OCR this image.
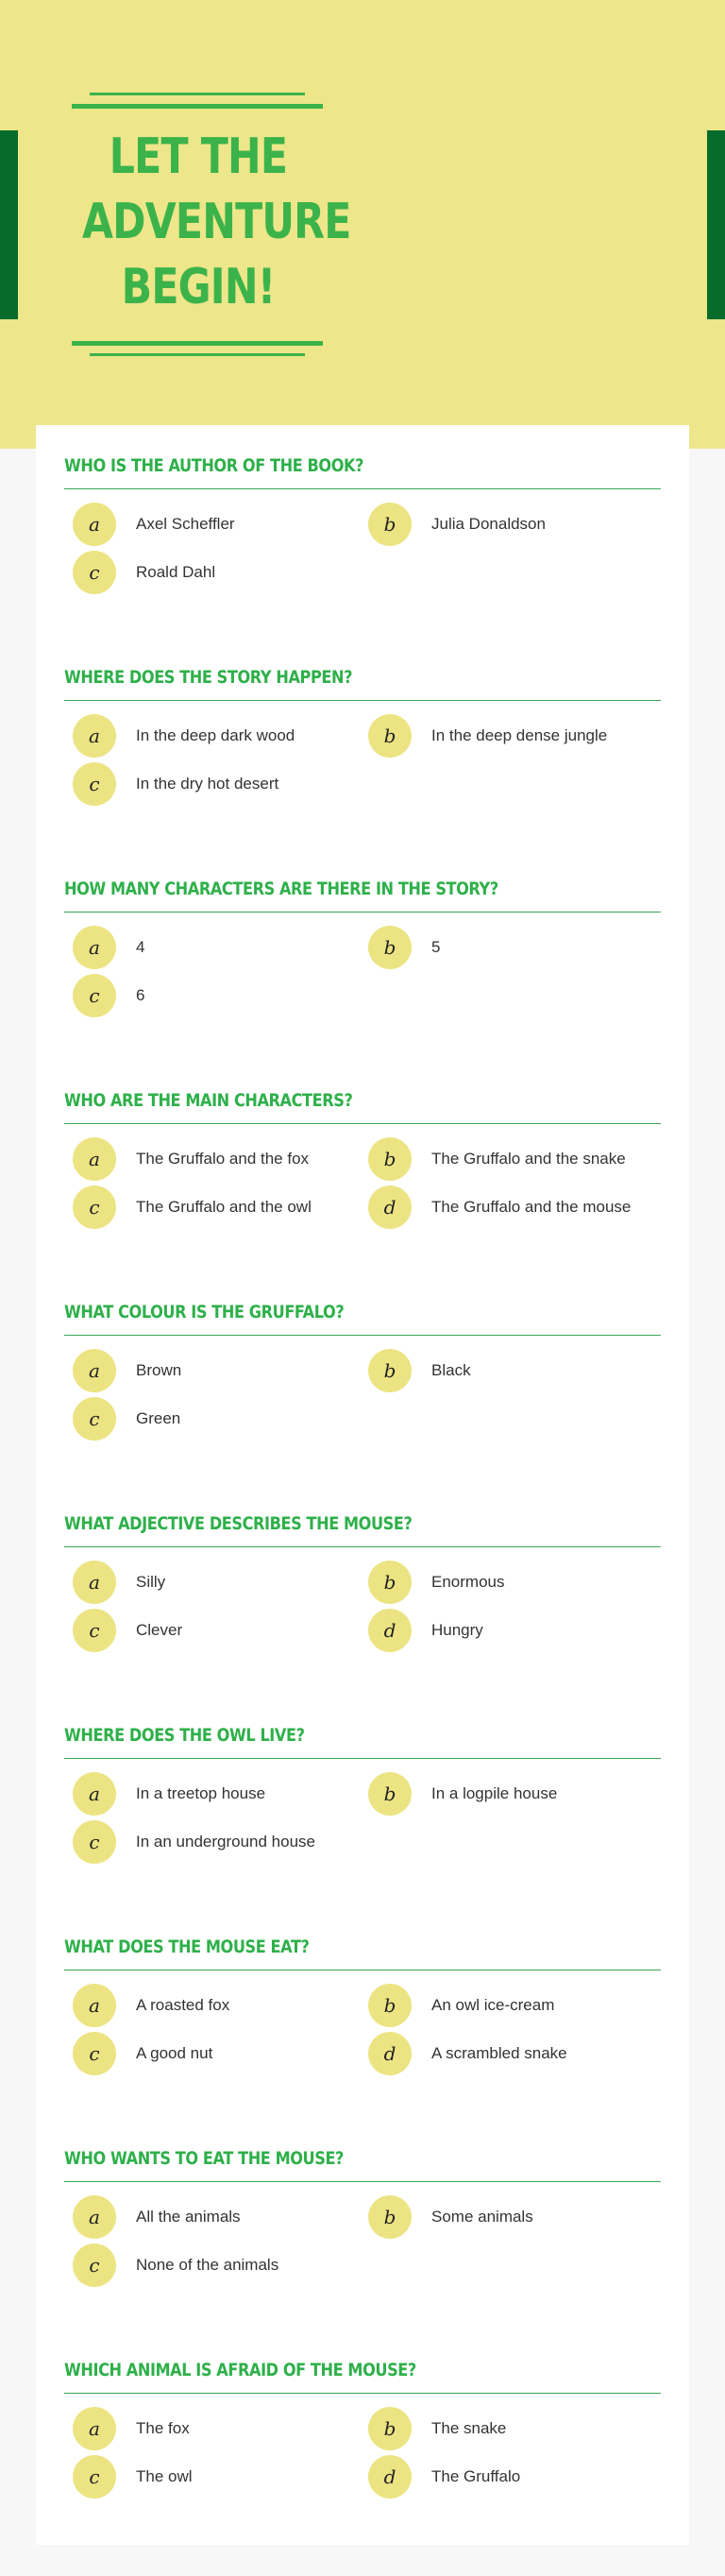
LET THE
ADVENTURE
BEGIN!
WHO IS THE AUTHOR OF THE BOOK?
a	Axel Scheffler	b	Julia Donaldson
c	Roald Dahl
WHERE DOES THE STORY HAPPEN?
a	In the deep dark wood	b	In the deep dense jungle
c	In the dry hot desert
HOW MANY CHARACTERS ARE THERE IN THE STORY?
a	4	b	5
c	6
WHO ARE THE MAIN CHARACTERS?
a	The Gruffalo and the fox	b	The Gruffalo and the snake
c	The Gruffalo and the owl	d	The Gruffalo and the mouse
WHAT COLOUR IS THE GRUFFALO?
a	Brown	b	Black
c	Green
WHAT ADJECTIVE DESCRIBES THE MOUSE?
a	Silly	b	Enormous
c	Clever	d	Hungry
WHERE DOES THE OWL LIVE?
a	In a treetop house	b	In a logpile house
c	In an underground house
WHAT DOES THE MOUSE EAT?
a	A roasted fox	b	An owl ice-cream
c	A good nut	d	A scrambled snake
WHO WANTS TO EAT THE MOUSE?
a	All the animals	b	Some animals
c	None of the animals
WHICH ANIMAL IS AFRAID OF THE MOUSE?
a	The fox	b	The snake
c	The owl	d	The Gruffalo
